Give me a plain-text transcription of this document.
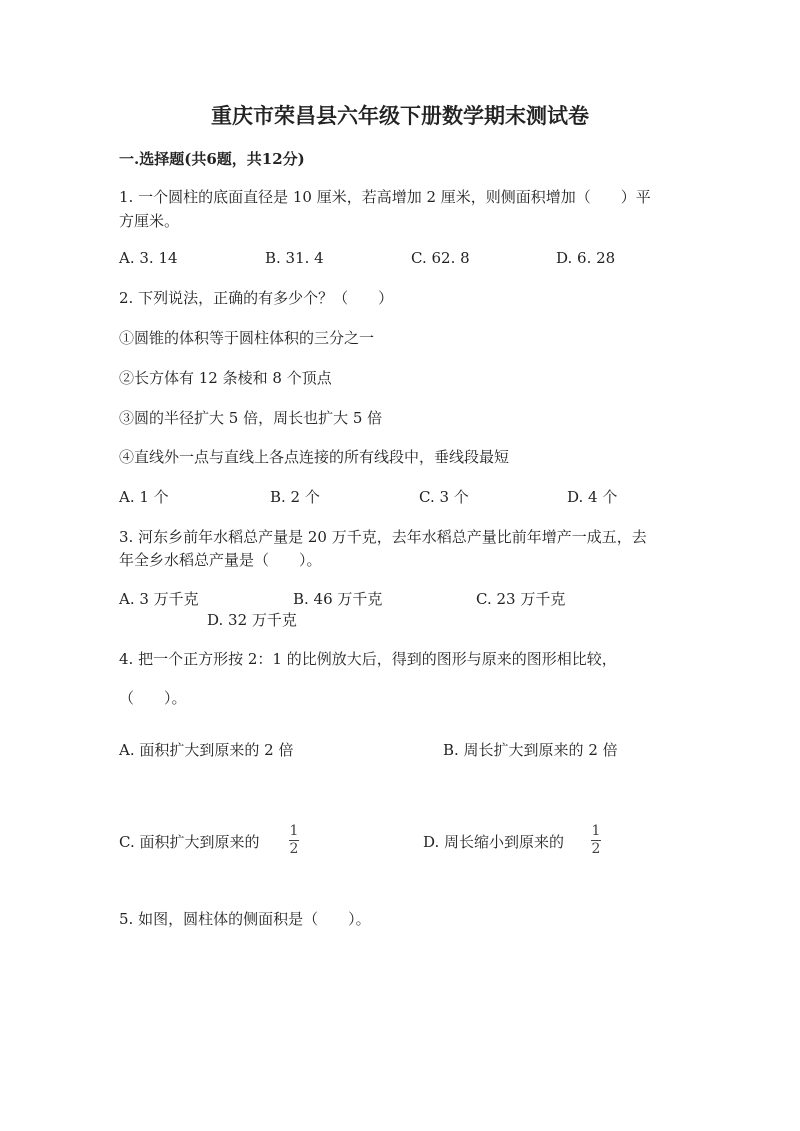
重庆市荣昌县六年级下册数学期末测试卷
一.选择题(共6题，共12分)
1. 一个圆柱的底面直径是 10 厘米，若高增加 2 厘米，则侧面积增加（　　）平
方厘米。
A. 3. 14	B. 31. 4	C. 62. 8	D. 6. 28
2. 下列说法，正确的有多少个？（　　）
①圆锥的体积等于圆柱体积的三分之一
②长方体有 12 条棱和 8 个顶点
③圆的半径扩大 5 倍，周长也扩大 5 倍
④直线外一点与直线上各点连接的所有线段中，垂线段最短
A. 1 个	B. 2 个	C. 3 个	D. 4 个
3. 河东乡前年水稻总产量是 20 万千克，去年水稻总产量比前年增产一成五，去
年全乡水稻总产量是（　　）。
A. 3 万千克	B. 46 万千克	C. 23 万千克
D. 32 万千克
4. 把一个正方形按 2：1 的比例放大后，得到的图形与原来的图形相比较，
（　　）。
A. 面积扩大到原来的 2 倍	B. 周长扩大到原来的 2 倍
C. 面积扩大到原来的
1
2	D. 周长缩小到原来的
1
2
5. 如图，圆柱体的侧面积是（　　）。
